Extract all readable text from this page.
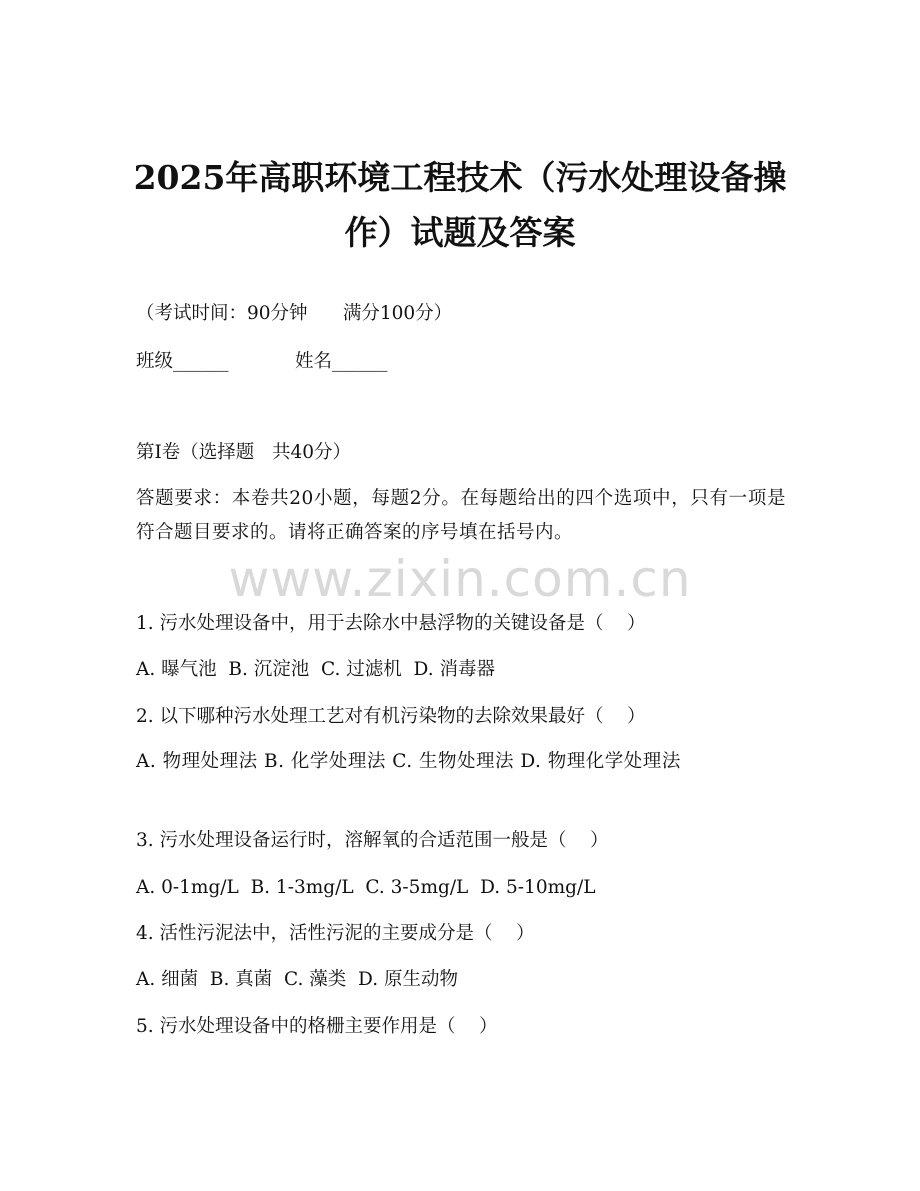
2025年高职环境工程技术（污水处理设备操
作）试题及答案
（考试时间：90分钟      满分100分）
班级______	姓名______
第I卷（选择题   共40分）
答题要求：本卷共20小题，每题2分。在每题给出的四个选项中，只有一项是符合题目要求的。请将正确答案的序号填在括号内。
www.zixin.com.cn
1. 污水处理设备中，用于去除水中悬浮物的关键设备是（    ）
A. 曝气池  B. 沉淀池  C. 过滤机  D. 消毒器
2. 以下哪种污水处理工艺对有机污染物的去除效果最好（    ）
A. 物理处理法 B. 化学处理法 C. 生物处理法 D. 物理化学处理法
3. 污水处理设备运行时，溶解氧的合适范围一般是（    ）
A. 0-1mg/L  B. 1-3mg/L  C. 3-5mg/L  D. 5-10mg/L
4. 活性污泥法中，活性污泥的主要成分是（    ）
A. 细菌  B. 真菌  C. 藻类  D. 原生动物
5. 污水处理设备中的格栅主要作用是（    ）
